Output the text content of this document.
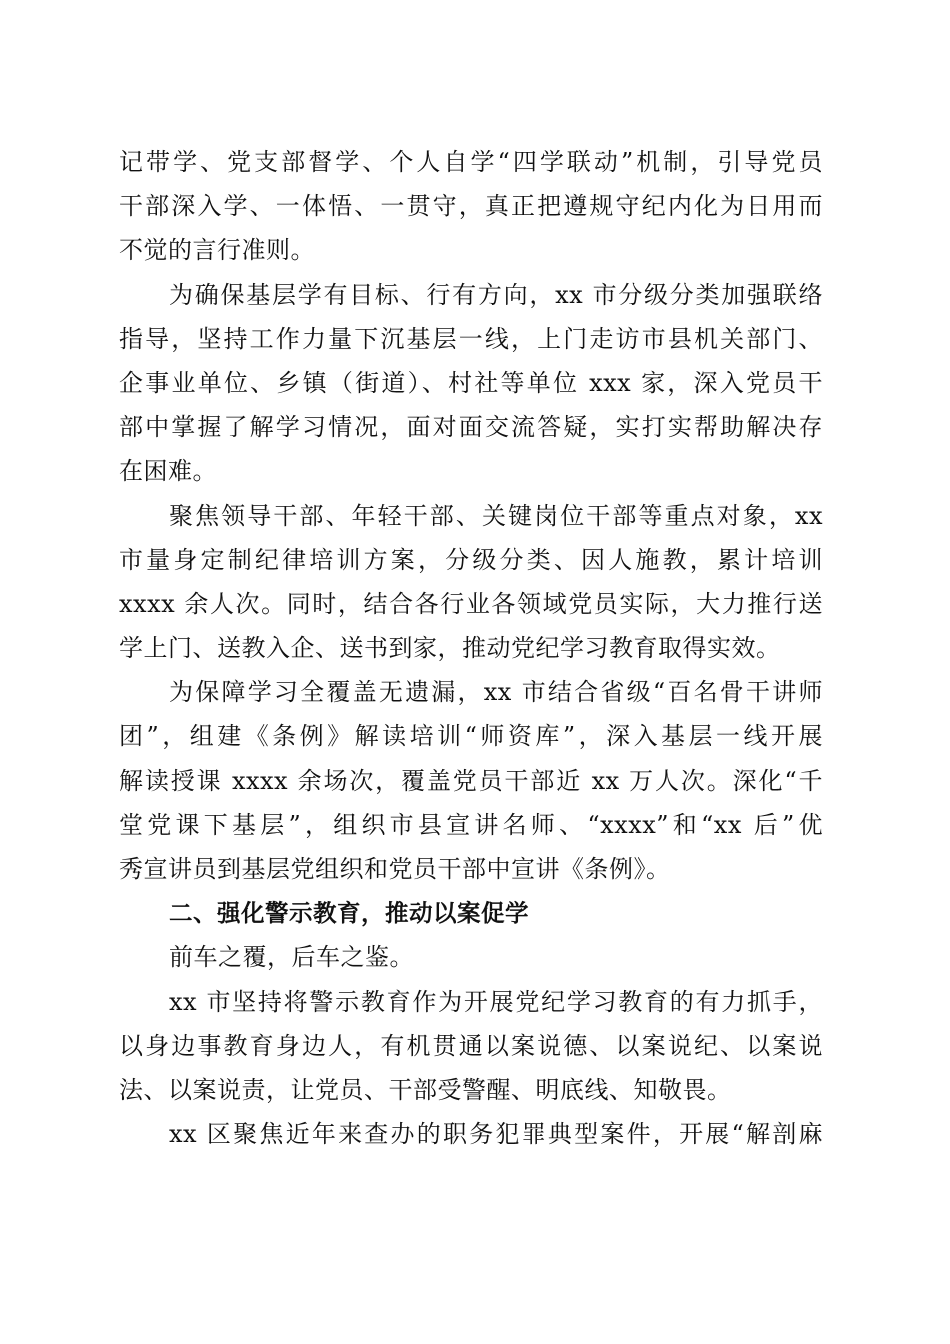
记带学、党支部督学、个人自学“四学联动”机制，引导党员
干部深入学、一体悟、一贯守，真正把遵规守纪内化为日用而
不觉的言行准则。
为确保基层学有目标、行有方向，xx 市分级分类加强联络
指导，坚持工作力量下沉基层一线，上门走访市县机关部门、
企事业单位、乡镇（街道）、村社等单位 xxx 家，深入党员干
部中掌握了解学习情况，面对面交流答疑，实打实帮助解决存
在困难。
聚焦领导干部、年轻干部、关键岗位干部等重点对象，xx
市量身定制纪律培训方案，分级分类、因人施教，累计培训
xxxx 余人次。同时，结合各行业各领域党员实际，大力推行送
学上门、送教入企、送书到家，推动党纪学习教育取得实效。
为保障学习全覆盖无遗漏，xx 市结合省级“百名骨干讲师
团”，组建《条例》解读培训“师资库”，深入基层一线开展
解读授课 xxxx 余场次，覆盖党员干部近 xx 万人次。深化“千
堂党课下基层”，组织市县宣讲名师、“xxxx”和“xx 后”优
秀宣讲员到基层党组织和党员干部中宣讲《条例》。
二、强化警示教育，推动以案促学
前车之覆，后车之鉴。
xx 市坚持将警示教育作为开展党纪学习教育的有力抓手，
以身边事教育身边人，有机贯通以案说德、以案说纪、以案说
法、以案说责，让党员、干部受警醒、明底线、知敬畏。
xx 区聚焦近年来查办的职务犯罪典型案件，开展“解剖麻
